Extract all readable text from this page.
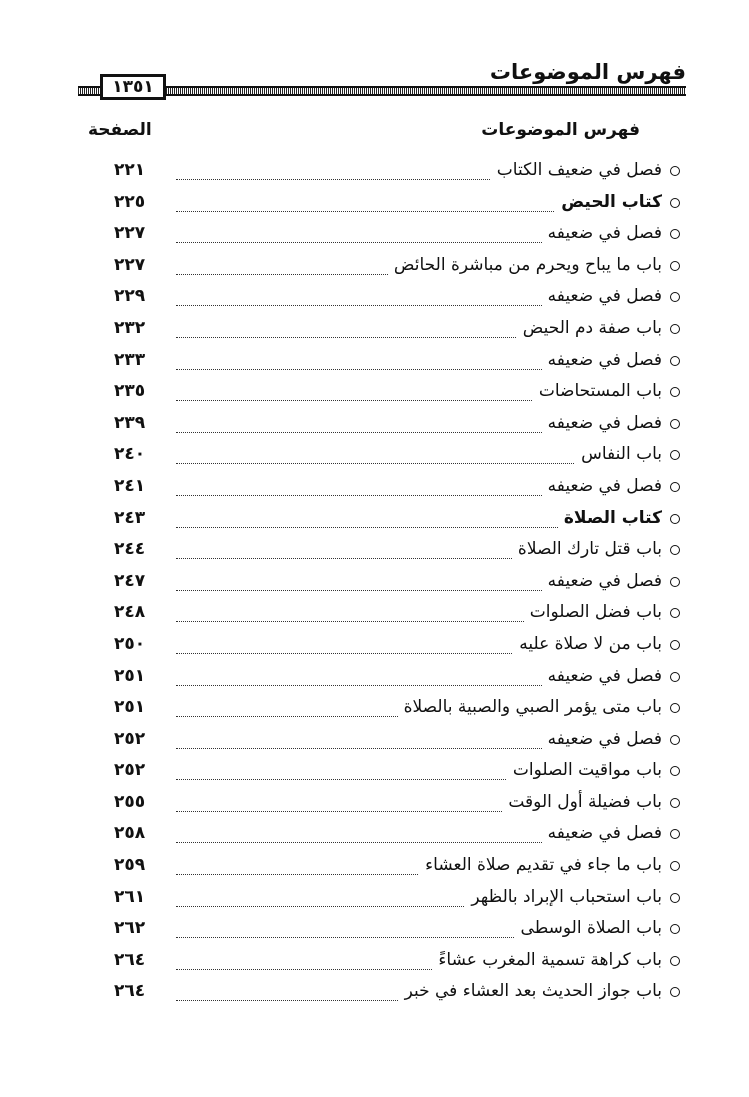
فهرس الموضوعات
١٣٥١
فهرس الموضوعات
الصفحة
فصل في ضعيف الكتاب
٢٢١
كتاب الحيض
٢٢٥
فصل في ضعيفه
٢٢٧
باب ما يباح ويحرم من مباشرة الحائض
٢٢٧
فصل في ضعيفه
٢٢٩
باب صفة دم الحيض
٢٣٢
فصل في ضعيفه
٢٣٣
باب المستحاضات
٢٣٥
فصل في ضعيفه
٢٣٩
باب النفاس
٢٤٠
فصل في ضعيفه
٢٤١
كتاب الصلاة
٢٤٣
باب قتل تارك الصلاة
٢٤٤
فصل في ضعيفه
٢٤٧
باب فضل الصلوات
٢٤٨
باب من لا صلاة عليه
٢٥٠
فصل في ضعيفه
٢٥١
باب متى يؤمر الصبي والصبية بالصلاة
٢٥١
فصل في ضعيفه
٢٥٢
باب مواقيت الصلوات
٢٥٢
باب فضيلة أول الوقت
٢٥٥
فصل في ضعيفه
٢٥٨
باب ما جاء في تقديم صلاة العشاء
٢٥٩
باب استحباب الإبراد بالظهر
٢٦١
باب الصلاة الوسطى
٢٦٢
باب كراهة تسمية المغرب عشاءً
٢٦٤
باب جواز الحديث بعد العشاء في خبر
٢٦٤
